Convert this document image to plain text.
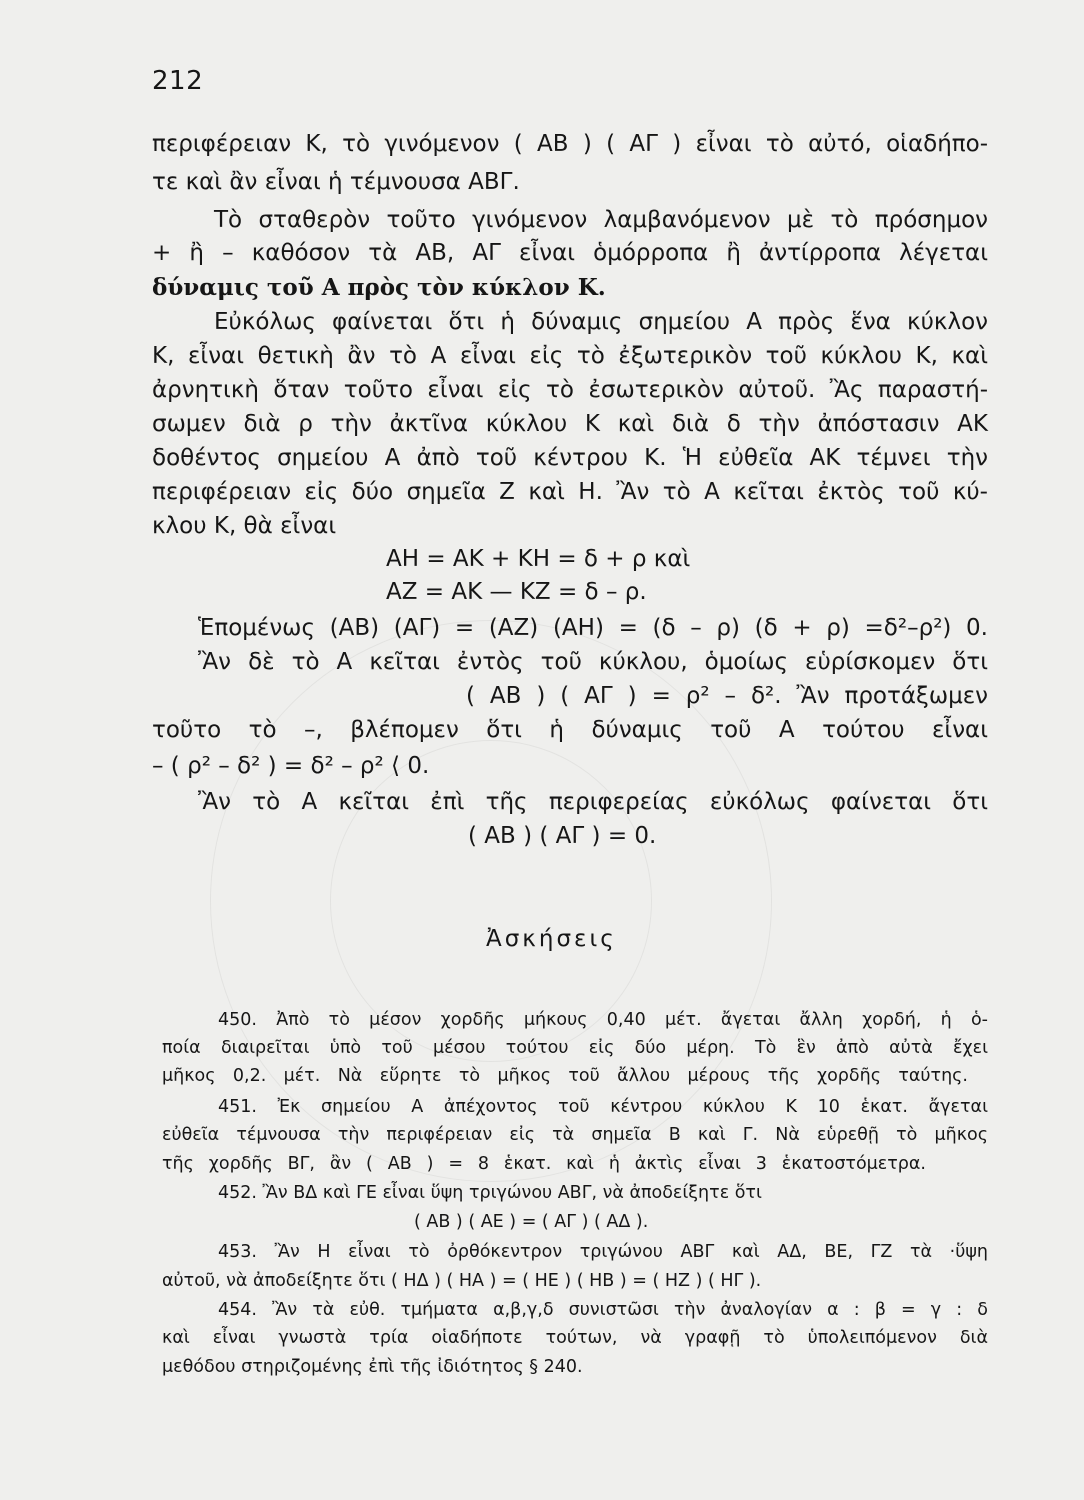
212
περιφέρειαν Κ, τὸ γινόμενον ( ΑΒ ) ( ΑΓ ) εἶναι τὸ αὐτό, οἱαδήπο-
τε καὶ ἂν εἶναι ἡ τέμνουσα ΑΒΓ.
Τὸ σταθερὸν τοῦτο γινόμενον λαμβανόμενον μὲ τὸ πρόσημον
+ ἢ – καθόσον τὰ ΑΒ, ΑΓ εἶναι ὁμόρροπα ἢ ἀντίρροπα λέγεται
δύναμις τοῦ Α πρὸς τὸν κύκλον Κ.
Εὐκόλως φαίνεται ὅτι ἡ δύναμις σημείου Α πρὸς ἕνα κύκλον
Κ, εἶναι θετικὴ ἂν τὸ Α εἶναι εἰς τὸ ἐξωτερικὸν τοῦ κύκλου Κ, καὶ
ἀρνητικὴ ὅταν τοῦτο εἶναι εἰς τὸ ἐσωτερικὸν αὐτοῦ. Ἂς παραστή-
σωμεν διὰ ρ τὴν ἀκτῖνα κύκλου Κ καὶ διὰ δ τὴν ἀπόστασιν ΑΚ
δοθέντος σημείου Α ἀπὸ τοῦ κέντρου Κ. Ἡ εὐθεῖα ΑΚ τέμνει τὴν
περιφέρειαν εἰς δύο σημεῖα Ζ καὶ Η. Ἂν τὸ Α κεῖται ἐκτὸς τοῦ κύ-
κλου Κ, θὰ εἶναι
ΑΗ = ΑΚ + ΚΗ = δ + ρ καὶ
ΑΖ = ΑΚ — ΚΖ = δ – ρ.
Ἑπομένως (ΑΒ) (ΑΓ) = (ΑΖ) (ΑΗ) = (δ – ρ) (δ + ρ) =δ²–ρ²) 0.
Ἂν δὲ τὸ Α κεῖται ἐντὸς τοῦ κύκλου, ὁμοίως εὑρίσκομεν ὅτι
( ΑΒ ) ( ΑΓ ) = ρ² – δ². Ἂν προτάξωμεν
τοῦτο τὸ –, βλέπομεν ὅτι ἡ δύναμις τοῦ Α τούτου εἶναι
– ( ρ² – δ² ) = δ² – ρ² ⟨ 0.
Ἂν τὸ Α κεῖται ἐπὶ τῆς περιφερείας εὐκόλως φαίνεται ὅτι
( ΑΒ ) ( ΑΓ ) = 0.
Ἀσκήσεις
450. Ἀπὸ τὸ μέσον χορδῆς μήκους 0,40 μέτ. ἄγεται ἄλλη χορδή, ἡ ὁ-
ποία διαιρεῖται ὑπὸ τοῦ μέσου τούτου εἰς δύο μέρη. Τὸ ἓν ἀπὸ αὐτὰ ἔχει
μῆκος 0,2. μέτ. Νὰ εὕρητε τὸ μῆκος τοῦ ἄλλου μέρους τῆς χορδῆς ταύτης.
451. Ἐκ σημείου Α ἀπέχοντος τοῦ κέντρου κύκλου Κ 10 ἑκατ. ἄγεται
εὐθεῖα τέμνουσα τὴν περιφέρειαν εἰς τὰ σημεῖα Β καὶ Γ. Νὰ εὑρεθῇ τὸ μῆκος
τῆς χορδῆς ΒΓ, ἂν ( ΑΒ ) = 8 ἑκατ. καὶ ἡ ἀκτὶς εἶναι 3 ἑκατοστόμετρα.
452. Ἂν ΒΔ καὶ ΓΕ εἶναι ὕψη τριγώνου ΑΒΓ, νὰ ἀποδείξητε ὅτι
( ΑΒ ) ( ΑΕ ) = ( ΑΓ ) ( ΑΔ ).
453. Ἂν Η εἶναι τὸ ὀρθόκεντρον τριγώνου ΑΒΓ καὶ ΑΔ, ΒΕ, ΓΖ τὰ ·ὕψη
αὐτοῦ, νὰ ἀποδείξητε ὅτι ( ΗΔ ) ( ΗΑ ) = ( ΗΕ ) ( ΗΒ ) = ( ΗΖ ) ( ΗΓ ).
454. Ἂν τὰ εὐθ. τμήματα α,β,γ,δ συνιστῶσι τὴν ἀναλογίαν α : β = γ : δ
καὶ εἶναι γνωστὰ τρία οἱαδήποτε τούτων, νὰ γραφῇ τὸ ὑπολειπόμενον διὰ
μεθόδου στηριζομένης ἐπὶ τῆς ἰδιότητος § 240.
